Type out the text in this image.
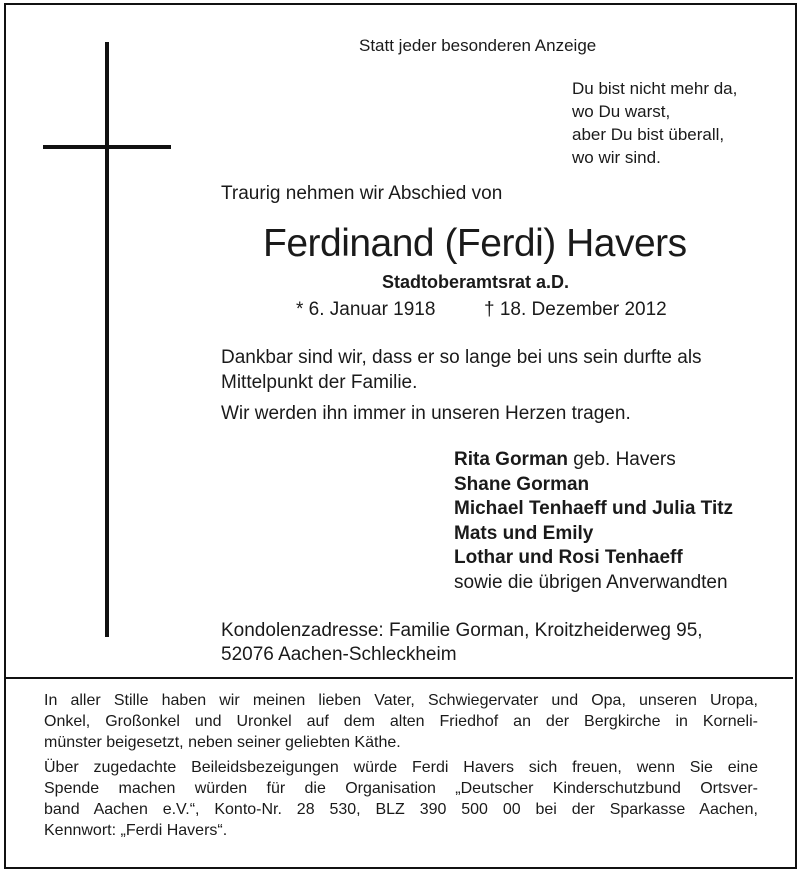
Statt jeder besonderen Anzeige
Du bist nicht mehr da,
wo Du warst,
aber Du bist überall,
wo wir sind.
Traurig nehmen wir Abschied von
Ferdinand (Ferdi) Havers
Stadtoberamtsrat a.D.
* 6. Januar 1918	† 18. Dezember 2012
Dankbar sind wir, dass er so lange bei uns sein durfte als
Mittelpunkt der Familie.
Wir werden ihn immer in unseren Herzen tragen.
Rita Gorman geb. Havers
Shane Gorman
Michael Tenhaeff und Julia Titz
Mats und Emily
Lothar und Rosi Tenhaeff
sowie die übrigen Anverwandten
Kondolenzadresse: Familie Gorman, Kroitzheiderweg 95,
52076 Aachen-Schleckheim
In aller Stille haben wir meinen lieben Vater, Schwiegervater und Opa, unseren Uropa,
Onkel, Großonkel und Uronkel auf dem alten Friedhof an der Bergkirche in Korneli-
münster beigesetzt, neben seiner geliebten Käthe.
Über zugedachte Beileidsbezeigungen würde Ferdi Havers sich freuen, wenn Sie eine
Spende machen würden für die Organisation „Deutscher Kinderschutzbund Ortsver-
band Aachen e.V.“, Konto-Nr. 28 530, BLZ 390 500 00 bei der Sparkasse Aachen,
Kennwort: „Ferdi Havers“.
